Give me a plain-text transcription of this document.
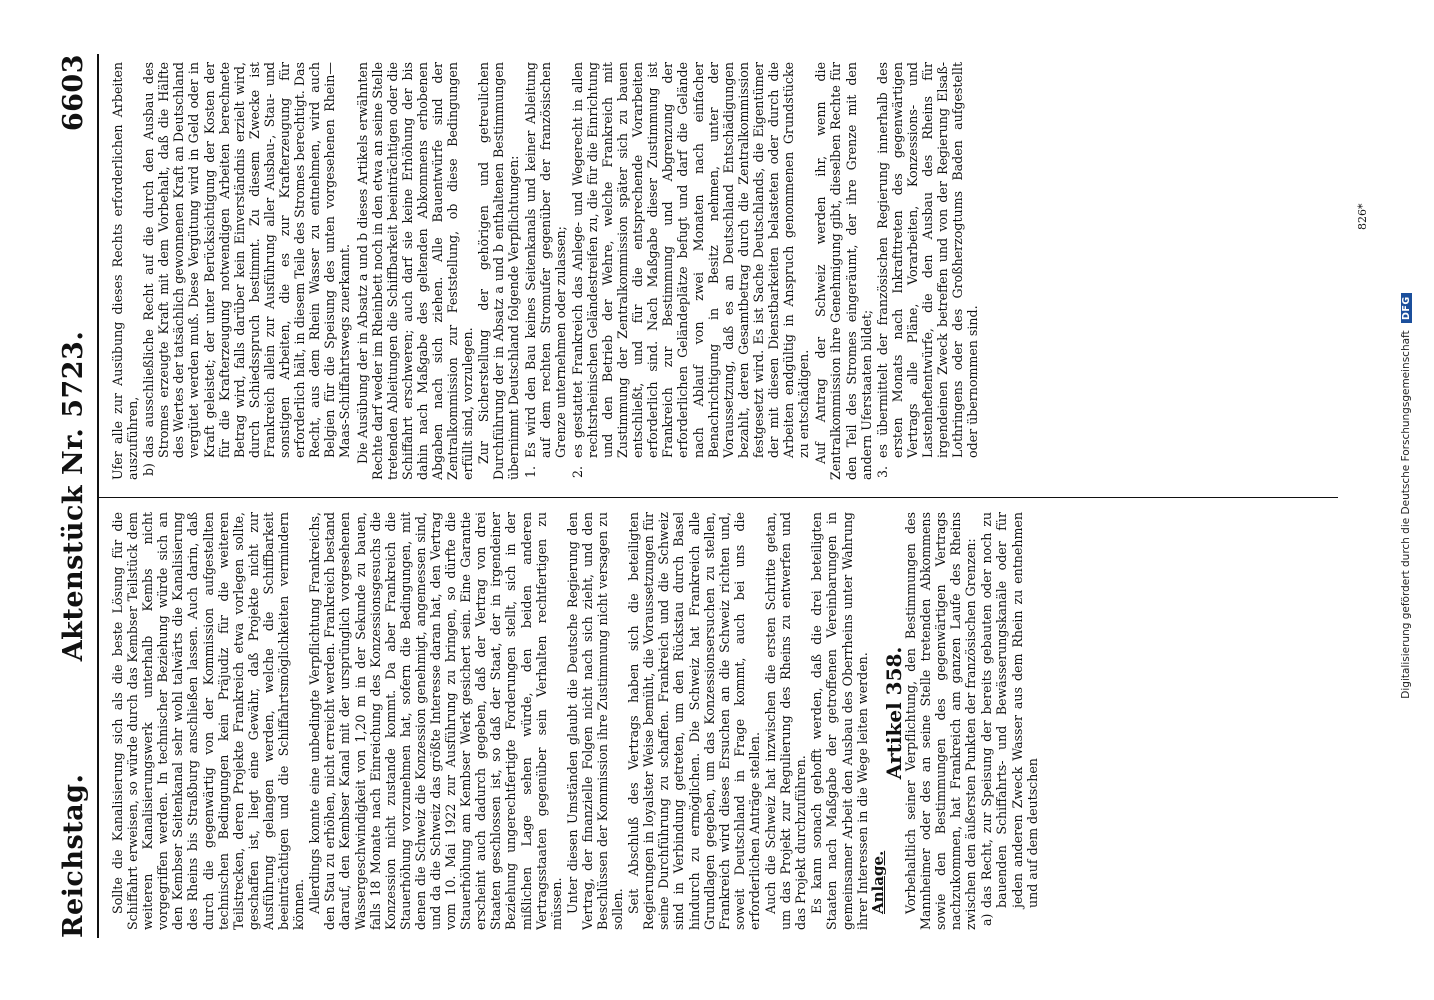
Reichstag.
Aktenstück Nr. 5723.
6603

Sollte die Kanalisierung sich als die beste Lösung für die Schiffahrt erweisen, so würde durch das Kembser Teilstück dem weiteren Kanalisierungswerk unterhalb Kembs nicht vorgegriffen werden. In technischer Beziehung würde sich an den Kembser Seitenkanal sehr wohl talwärts die Kanalisierung des Rheins bis Straßburg anschließen lassen. Auch darin, daß durch die gegenwärtig von der Kommission aufgestellten technischen Bedingungen kein Präjudiz für die weiteren Teilstrecken, deren Projekte Frankreich etwa vorlegen sollte, geschaffen ist, liegt eine Gewähr, daß Projekte nicht zur Ausführung gelangen werden, welche die Schiffbarkeit beeinträchtigen und die Schiffahrtsmöglichkeiten vermindern können. Allerdings konnte eine unbedingte Verpflichtung Frankreichs, den Stau zu erhöhen, nicht erreicht werden. Frankreich bestand darauf, den Kembser Kanal mit der ursprünglich vorgesehenen Wassergeschwindigkeit von 1,20 m in der Sekunde zu bauen, falls 18 Monate nach Einreichung des Konzessionsgesuchs die Konzession nicht zustande kommt. Da aber Frankreich die Stauerhöhung vorzunehmen hat, sofern die Bedingungen, mit denen die Schweiz die Konzession genehmigt, angemessen sind, und da die Schweiz das größte Interesse daran hat, den Vertrag vom 10. Mai 1922 zur Ausführung zu bringen, so dürfte die Stauerhöhung am Kembser Werk gesichert sein. Eine Garantie erscheint auch dadurch gegeben, daß der Vertrag von drei Staaten geschlossen ist, so daß der Staat, der in irgendeiner Beziehung ungerechtfertigte Forderungen stellt, sich in der mißlichen Lage sehen würde, den beiden anderen Vertragsstaaten gegenüber sein Verhalten rechtfertigen zu müssen. Unter diesen Umständen glaubt die Deutsche Regierung den Vertrag, der finanzielle Folgen nicht nach sich zieht, und den Beschlüssen der Kommission ihre Zustimmung nicht versagen zu sollen. Seit Abschluß des Vertrags haben sich die beteiligten Regierungen in loyalster Weise bemüht, die Voraussetzungen für seine Durchführung zu schaffen. Frankreich und die Schweiz sind in Verbindung getreten, um den Rückstau durch Basel hindurch zu ermöglichen. Die Schweiz hat Frankreich alle Grundlagen gegeben, um das Konzessionsersuchen zu stellen, Frankreich wird dieses Ersuchen an die Schweiz richten und, soweit Deutschland in Frage kommt, auch bei uns die erforderlichen Anträge stellen. Auch die Schweiz hat inzwischen die ersten Schritte getan, um das Projekt zur Regulierung des Rheins zu entwerfen und das Projekt durchzuführen. Es kann sonach gehofft werden, daß die drei beteiligten Staaten nach Maßgabe der getroffenen Vereinbarungen in gemeinsamer Arbeit den Ausbau des Oberrheins unter Wahrung ihrer Interessen in die Wege leiten werden. Anlage.

Artikel 358.

Vorbehaltlich seiner Verpflichtung, den Bestimmungen des Mannheimer oder des an seine Stelle tretenden Abkommens sowie den Bestimmungen des gegenwärtigen Vertrags nachzukommen, hat Frankreich am ganzen Laufe des Rheins zwischen den äußersten Punkten der französischen Grenzen: a)
das Recht, zur Speisung der bereits gebauten oder noch zu bauenden Schiffahrts- und Bewässerungskanäle oder für jeden anderen Zweck Wasser aus dem Rhein zu entnehmen und auf dem deutschen

Ufer alle zur Ausübung dieses Rechts erforderlichen Arbeiten auszuführen, b)
das ausschließliche Recht auf die durch den Ausbau des Stromes erzeugte Kraft mit dem Vorbehalt, daß die Hälfte des Wertes der tatsächlich gewonnenen Kraft an Deutschland vergütet werden muß. Diese Vergütung wird in Geld oder in Kraft geleistet; der unter Berücksichtigung der Kosten der für die Krafterzeugung notwendigen Arbeiten berechnete Betrag wird, falls darüber kein Einverständnis erzielt wird, durch Schiedsspruch bestimmt. Zu diesem Zwecke ist Frankreich allein zur Ausführung aller Ausbau-, Stau- und sonstigen Arbeiten, die es zur Krafterzeugung für erforderlich hält, in diesem Teile des Stromes berechtigt. Das Recht, aus dem Rhein Wasser zu entnehmen, wird auch Belgien für die Speisung des unten vorgesehenen Rhein—Maas-Schiffahrtswegs zuerkannt. Die Ausübung der in Absatz a und b dieses Artikels erwähnten Rechte darf weder im Rheinbett noch in den etwa an seine Stelle tretenden Ableitungen die Schiffbarkeit beeinträchtigen oder die Schiffahrt erschweren; auch darf sie keine Erhöhung der bis dahin nach Maßgabe des geltenden Abkommens erhobenen Abgaben nach sich ziehen. Alle Bauentwürfe sind der Zentralkommission zur Feststellung, ob diese Bedingungen erfüllt sind, vorzulegen. Zur Sicherstellung der gehörigen und getreulichen Durchführung der in Absatz a und b enthaltenen Bestimmungen übernimmt Deutschland folgende Verpflichtungen: 1.
Es wird den Bau keines Seitenkanals und keiner Ableitung auf dem rechten Stromufer gegenüber der französischen Grenze unternehmen oder zulassen;
2.
es gestattet Frankreich das Anlege- und Wegerecht in allen rechtsrheinischen Geländestreifen zu, die für die Einrichtung und den Betrieb der Wehre, welche Frankreich mit Zustimmung der Zentralkommission später sich zu bauen entschließt, und für die entsprechende Vorarbeiten erforderlich sind. Nach Maßgabe dieser Zustimmung ist Frankreich zur Bestimmung und Abgrenzung der erforderlichen Geländeplätze befugt und darf die Gelände nach Ablauf von zwei Monaten nach einfacher Benachrichtigung in Besitz nehmen, unter der Voraussetzung, daß es an Deutschland Entschädigungen bezahlt, deren Gesamtbetrag durch die Zentralkommission festgesetzt wird. Es ist Sache Deutschlands, die Eigentümer der mit diesen Dienstbarkeiten belasteten oder durch die Arbeiten endgültig in Anspruch genommenen Grundstücke zu entschädigen. Auf Antrag der Schweiz werden ihr, wenn die Zentralkommission ihre Genehmigung gibt, dieselben Rechte für den Teil des Stromes eingeräumt, der ihre Grenze mit den andern Uferstaaten bildet; 3.
es übermittelt der französischen Regierung innerhalb des ersten Monats nach Inkrafttreten des gegenwärtigen Vertrags alle Pläne, Vorarbeiten, Konzessions- und Lastenheftentwürfe, die den Ausbau des Rheins für irgendeinen Zweck betreffen und von der Regierung Elsaß-Lothringens oder des Großherzogtums Baden aufgestellt oder übernommen sind.
826*
Digitalisierung gefördert durch die Deutsche Forschungsgemeinschaft DFG
